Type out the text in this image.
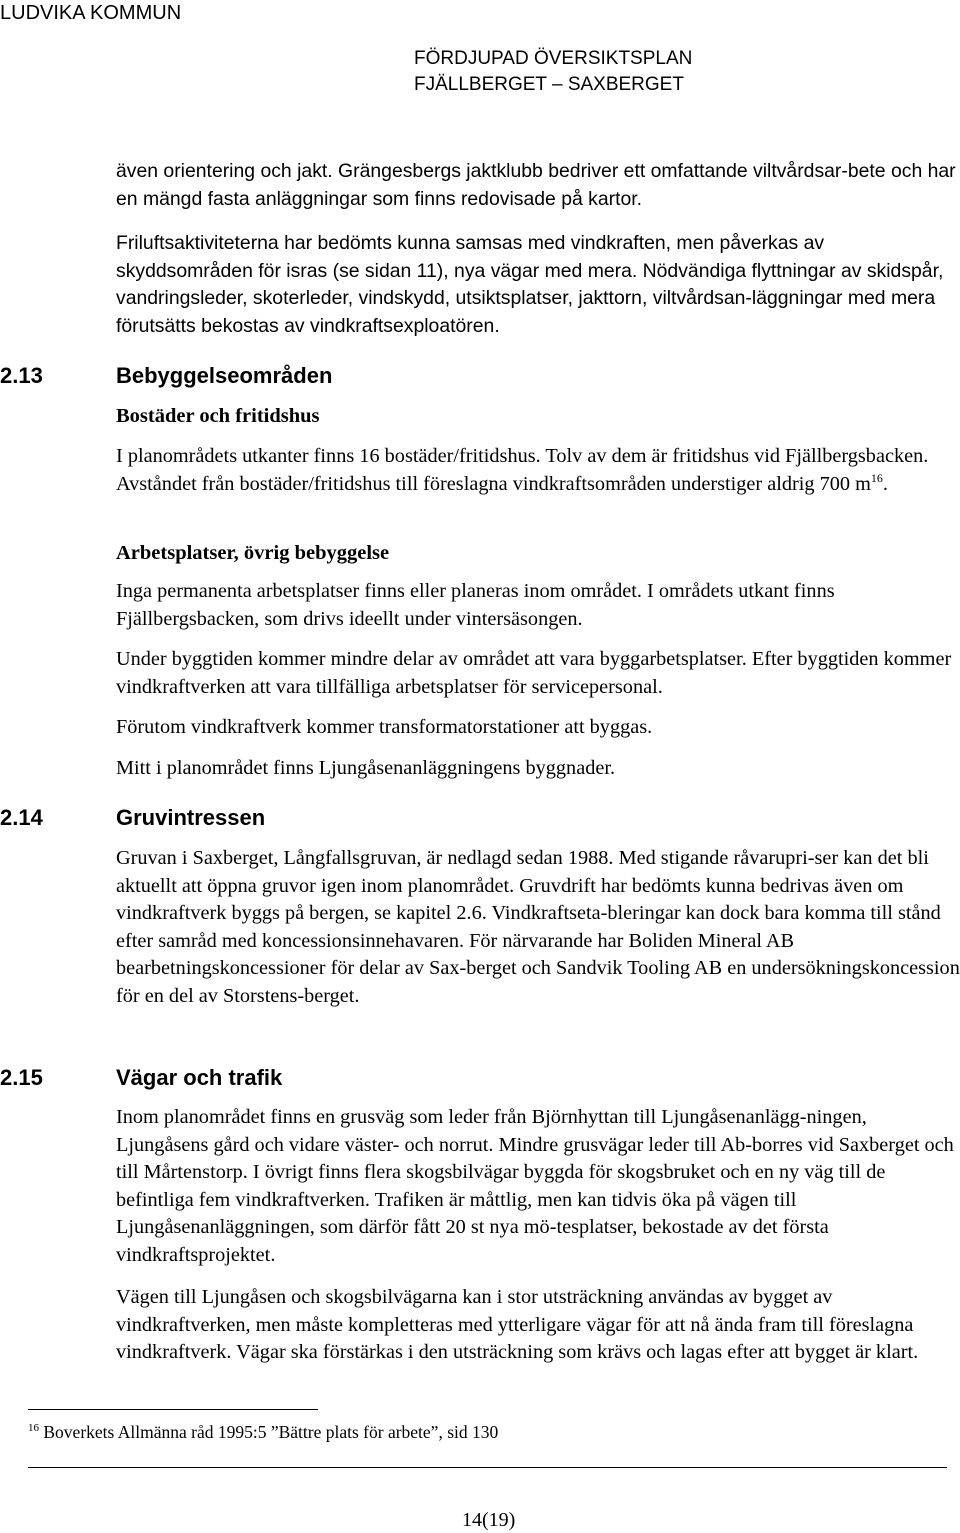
LUDVIKA KOMMUN
FÖRDJUPAD ÖVERSIKTSPLAN
FJÄLLBERGET – SAXBERGET

även orientering och jakt. Grängesbergs jaktklubb bedriver ett omfattande viltvårdsar-bete och har en mängd fasta anläggningar som finns redovisade på kartor.

Friluftsaktiviteterna har bedömts kunna samsas med vindkraften, men påverkas av skyddsområden för isras (se sidan 11), nya vägar med mera. Nödvändiga flyttningar av skidspår, vandringsleder, skoterleder, vindskydd, utsiktsplatser, jakttorn, viltvårdsan-läggningar med mera förutsätts bekostas av vindkraftsexploatören.

2.13	Bebyggelseområden
Bostäder och fritidshus

I planområdets utkanter finns 16 bostäder/fritidshus. Tolv av dem är fritidshus vid Fjällbergsbacken. Avståndet från bostäder/fritidshus till föreslagna vindkraftsområden understiger aldrig 700 $m^{16}$.

Arbetsplatser, övrig bebyggelse

Inga permanenta arbetsplatser finns eller planeras inom området. I områdets utkant finns Fjällbergsbacken, som drivs ideellt under vintersäsongen.

Under byggtiden kommer mindre delar av området att vara byggarbetsplatser. Efter byggtiden kommer vindkraftverken att vara tillfälliga arbetsplatser för servicepersonal.

Förutom vindkraftverk kommer transformatorstationer att byggas.

Mitt i planområdet finns Ljungåsenanläggningens byggnader.

2.14	Gruvintressen

Gruvan i Saxberget, Långfallsgruvan, är nedlagd sedan 1988. Med stigande råvarupri-ser kan det bli aktuellt att öppna gruvor igen inom planområdet. Gruvdrift har bedömts kunna bedrivas även om vindkraftverk byggs på bergen, se kapitel 2.6. Vindkraftseta-bleringar kan dock bara komma till stånd efter samråd med koncessionsinnehavaren. För närvarande har Boliden Mineral AB bearbetningskoncessioner för delar av Sax-berget och Sandvik Tooling AB en undersökningskoncession för en del av Storstens-berget.

2.15	Vägar och trafik

Inom planområdet finns en grusväg som leder från Björnhyttan till Ljungåsenanlägg-ningen, Ljungåsens gård och vidare väster- och norrut. Mindre grusvägar leder till Ab-borres vid Saxberget och till Mårtenstorp. I övrigt finns flera skogsbilvägar byggda för skogsbruket och en ny väg till de befintliga fem vindkraftverken. Trafiken är måttlig, men kan tidvis öka på vägen till Ljungåsenanläggningen, som därför fått 20 st nya mö-tesplatser, bekostade av det första vindkraftsprojektet.

Vägen till Ljungåsen och skogsbilvägarna kan i stor utsträckning användas av bygget av vindkraftverken, men måste kompletteras med ytterligare vägar för att nå ända fram till föreslagna vindkraftverk. Vägar ska förstärkas i den utsträckning som krävs och lagas efter att bygget är klart.

$^{16}$ Boverkets Allmänna råd 1995:5 ”Bättre plats för arbete”, sid 130
14(19)
